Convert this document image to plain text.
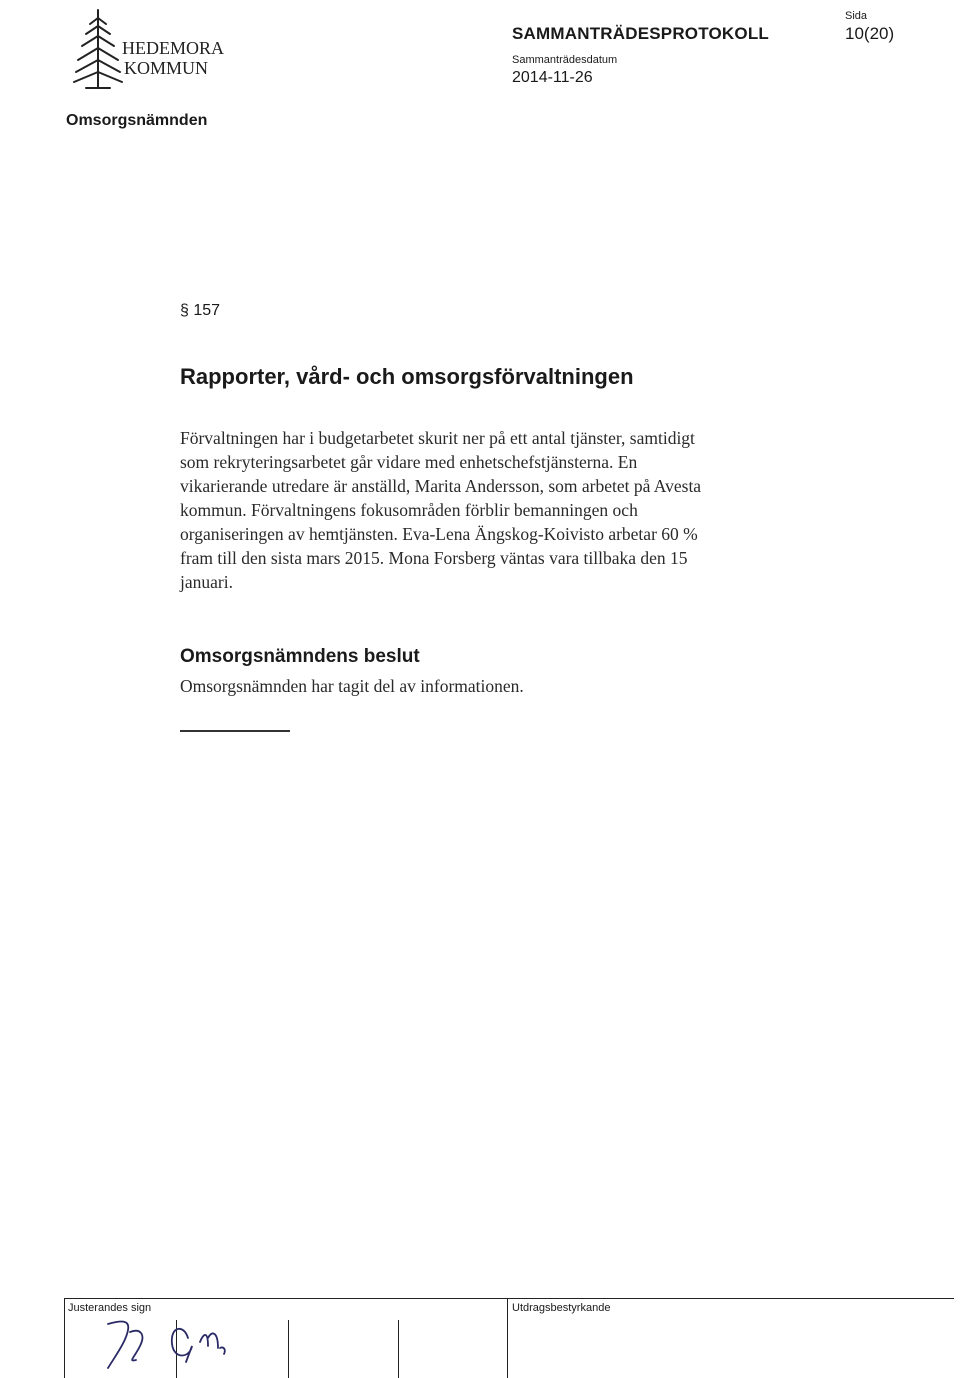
HEDEMORA
KOMMUN
SAMMANTRÄDESPROTOKOLL
Sammanträdesdatum
2014-11-26
Sida
10(20)
Omsorgsnämnden
§ 157
Rapporter, vård- och omsorgsförvaltningen
Förvaltningen har i budgetarbetet skurit ner på ett antal tjänster, samtidigt
som rekryteringsarbetet går vidare med enhetschefstjänsterna. En
vikarierande utredare är anställd, Marita Andersson, som arbetet på Avesta
kommun. Förvaltningens fokusområden förblir bemanningen och
organiseringen av hemtjänsten. Eva-Lena Ängskog-Koivisto arbetar 60 %
fram till den sista mars 2015. Mona Forsberg väntas vara tillbaka den 15
januari.
Omsorgsnämndens beslut
Omsorgsnämnden har tagit del av informationen.
Justerandes sign	Utdragsbestyrkande
